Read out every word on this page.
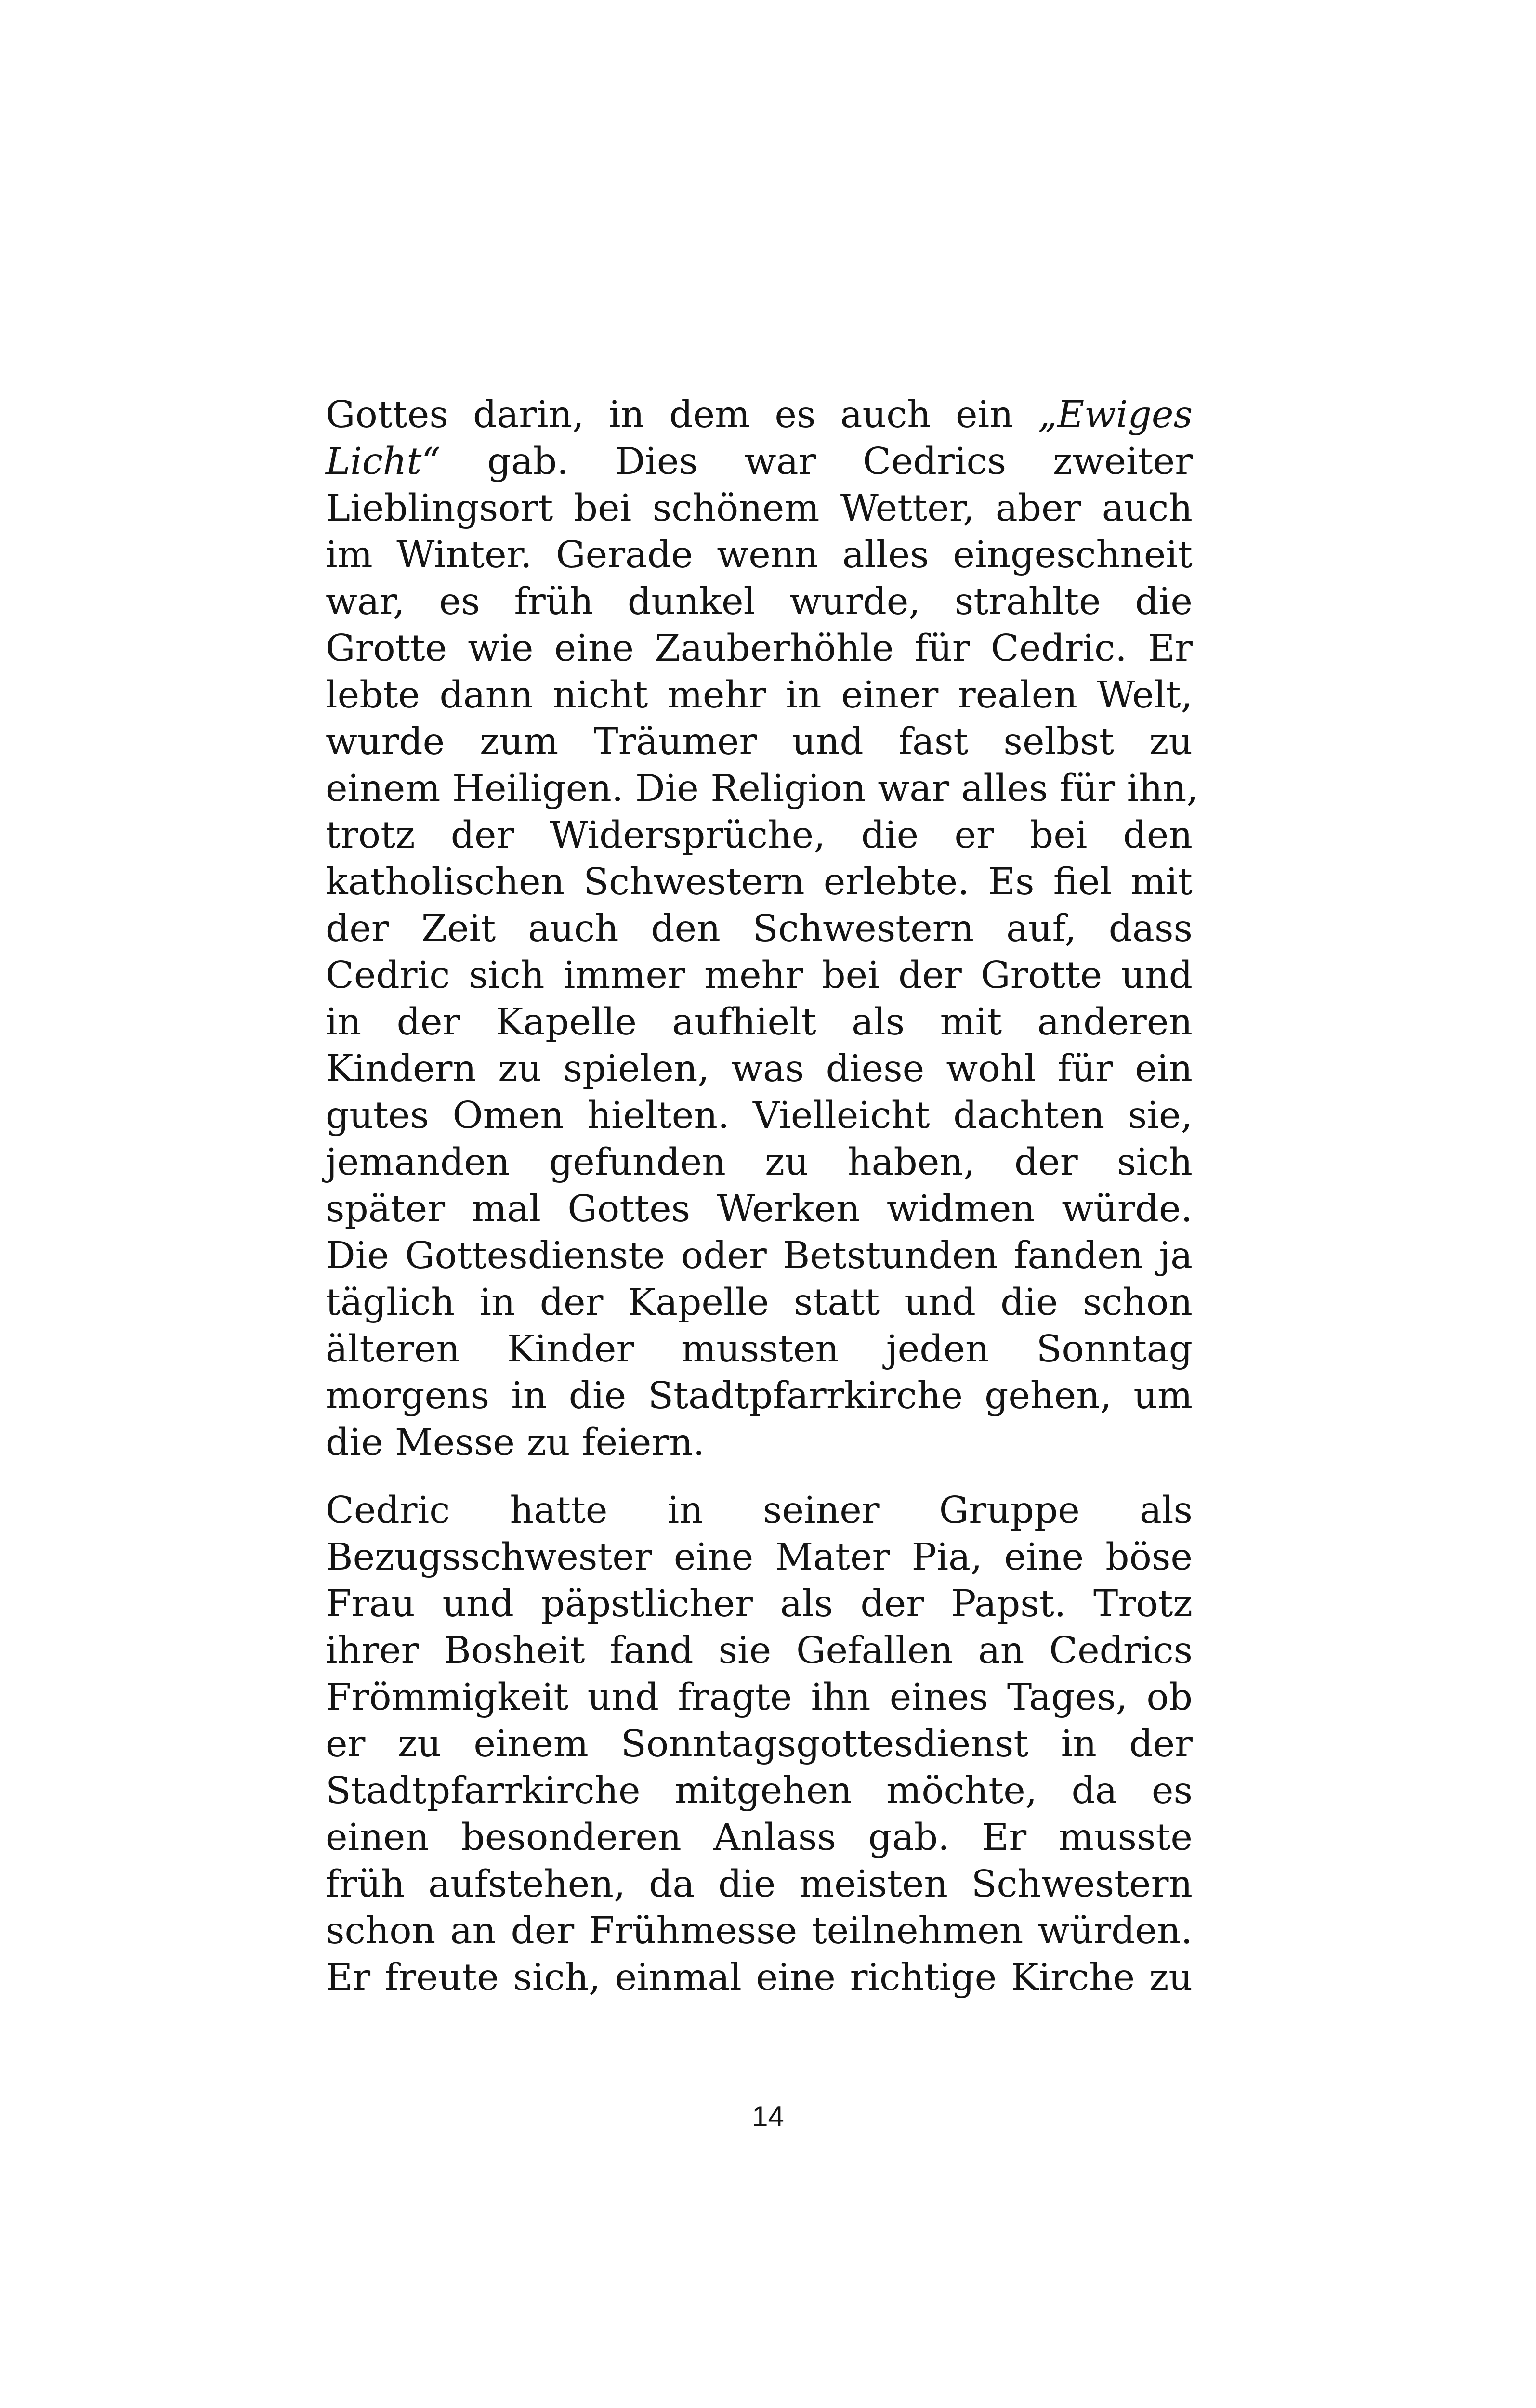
Gottes darin, in dem es auch ein „Ewiges
Licht“ gab. Dies war Cedrics zweiter
Lieblingsort bei schönem Wetter, aber auch
im Winter. Gerade wenn alles eingeschneit
war, es früh dunkel wurde, strahlte die
Grotte wie eine Zauberhöhle für Cedric. Er
lebte dann nicht mehr in einer realen Welt,
wurde zum Träumer und fast selbst zu
einem Heiligen. Die Religion war alles für ihn,
trotz der Widersprüche, die er bei den
katholischen Schwestern erlebte. Es fiel mit
der Zeit auch den Schwestern auf, dass
Cedric sich immer mehr bei der Grotte und
in der Kapelle aufhielt als mit anderen
Kindern zu spielen, was diese wohl für ein
gutes Omen hielten. Vielleicht dachten sie,
jemanden gefunden zu haben, der sich
später mal Gottes Werken widmen würde.
Die Gottesdienste oder Betstunden fanden ja
täglich in der Kapelle statt und die schon
älteren Kinder mussten jeden Sonntag
morgens in die Stadtpfarrkirche gehen, um
die Messe zu feiern.
Cedric hatte in seiner Gruppe als
Bezugsschwester eine Mater Pia, eine böse
Frau und päpstlicher als der Papst. Trotz
ihrer Bosheit fand sie Gefallen an Cedrics
Frömmigkeit und fragte ihn eines Tages, ob
er zu einem Sonntagsgottesdienst in der
Stadtpfarrkirche mitgehen möchte, da es
einen besonderen Anlass gab. Er musste
früh aufstehen, da die meisten Schwestern
schon an der Frühmesse teilnehmen würden.
Er freute sich, einmal eine richtige Kirche zu
14
